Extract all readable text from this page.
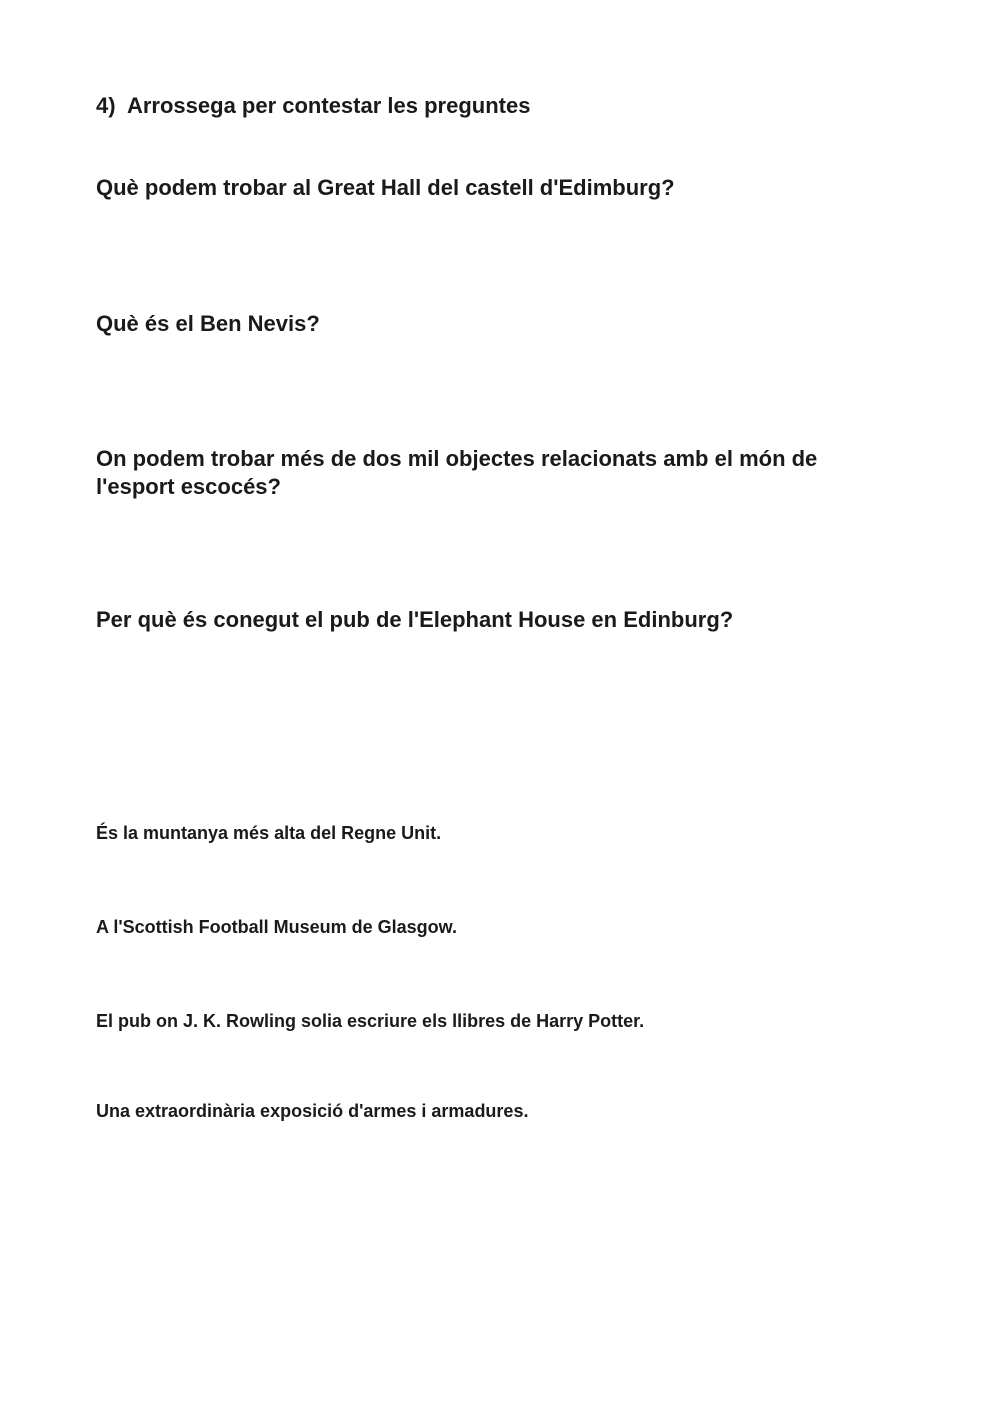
4)  Arrossega per contestar les preguntes

Què podem trobar al Great Hall del castell d'Edimburg?

Què és el Ben Nevis?

On podem trobar més de dos mil objectes relacionats amb el món de l'esport escocés?

Per què és conegut el pub de l'Elephant House en Edinburg?

És la muntanya més alta del Regne Unit.

A l'Scottish Football Museum de Glasgow.

El pub on J. K. Rowling solia escriure els llibres de Harry Potter.

Una extraordinària exposició d'armes i armadures.
